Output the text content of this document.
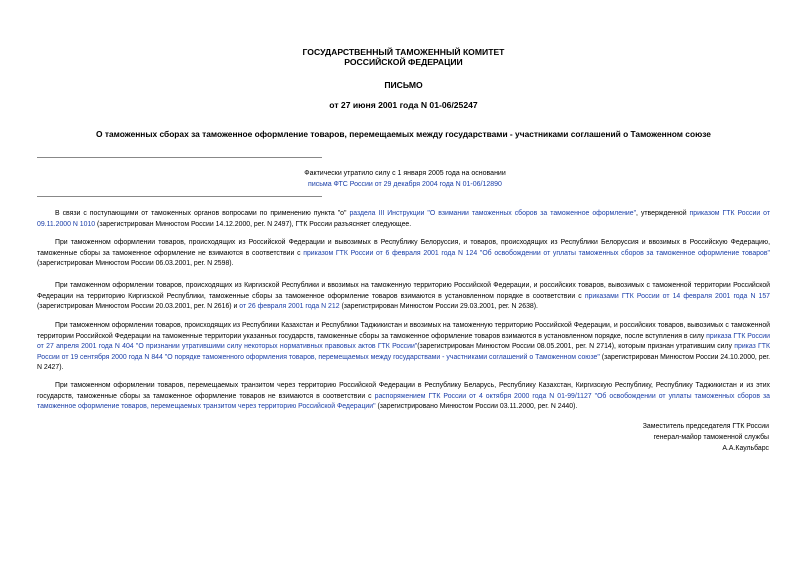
ГОСУДАРСТВЕННЫЙ ТАМОЖЕННЫЙ КОМИТЕТ
РОССИЙСКОЙ ФЕДЕРАЦИИ
ПИСЬМО
от 27 июня 2001 года N 01-06/25247
О таможенных сборах за таможенное оформление товаров, перемещаемых между государствами - участниками соглашений о Таможенном союзе
Фактически утратило силу с 1 января 2005 года на основании
письма ФТС России от 29 декабря 2004 года N 01-06/12890

В связи с поступающими от таможенных органов вопросами по применению пункта "о" раздела III Инструкции "О взимании таможенных сборов за таможенное оформление", утвержденной приказом ГТК России от 09.11.2000 N 1010 (зарегистрирован Минюстом России 14.12.2000, рег. N 2497), ГТК России разъясняет следующее.

При таможенном оформлении товаров, происходящих из Российской Федерации и вывозимых в Республику Белоруссия, и товаров, происходящих из Республики Белоруссия и ввозимых в Российскую Федерацию, таможенные сборы за таможенное оформление не взимаются в соответствии с приказом ГТК России от 6 февраля 2001 года N 124 "Об освобождении от уплаты таможенных сборов за таможенное оформление товаров" (зарегистрирован Минюстом России 06.03.2001, рег. N 2598).

При таможенном оформлении товаров, происходящих из Киргизской Республики и ввозимых на таможенную территорию Российской Федерации, и российских товаров, вывозимых с таможенной территории Российской Федерации на территорию Киргизской Республики, таможенные сборы за таможенное оформление товаров взимаются в установленном порядке в соответствии с приказами ГТК России от 14 февраля 2001 года N 157 (зарегистрирован Минюстом России 20.03.2001, рег. N 2616) и от 26 февраля 2001 года N 212 (зарегистрирован Минюстом России 29.03.2001, рег. N 2638).

При таможенном оформлении товаров, происходящих из Республики Казахстан и Республики Таджикистан и ввозимых на таможенную территорию Российской Федерации, и российских товаров, вывозимых с таможенной территории Российской Федерации на таможенные территории указанных государств, таможенные сборы за таможенное оформление товаров взимаются в установленном порядке, после вступления в силу приказа ГТК России от 27 апреля 2001 года N 404 "О признании утратившими силу некоторых нормативных правовых актов ГТК России"(зарегистрирован Минюстом России 08.05.2001, рег. N 2714), которым признан утратившим силу приказ ГТК России от 19 сентября 2000 года N 844 "О порядке таможенного оформления товаров, перемещаемых между государствами - участниками соглашений о Таможенном союзе" (зарегистрирован Минюстом России 24.10.2000, рег. N 2427).

При таможенном оформлении товаров, перемещаемых транзитом через территорию Российской Федерации в Республику Беларусь, Республику Казахстан, Киргизскую Республику, Республику Таджикистан и из этих государств, таможенные сборы за таможенное оформление товаров не взимаются в соответствии с распоряжением ГТК России от 4 октября 2000 года N 01-99/1127 "Об освобождении от уплаты таможенных сборов за таможенное оформление товаров, перемещаемых транзитом через территорию Российской Федерации" (зарегистрировано Минюстом России 03.11.2000, рег. N 2440).

Заместитель председателя ГТК России
генерал-майор таможенной службы
А.А.Каульбарс
